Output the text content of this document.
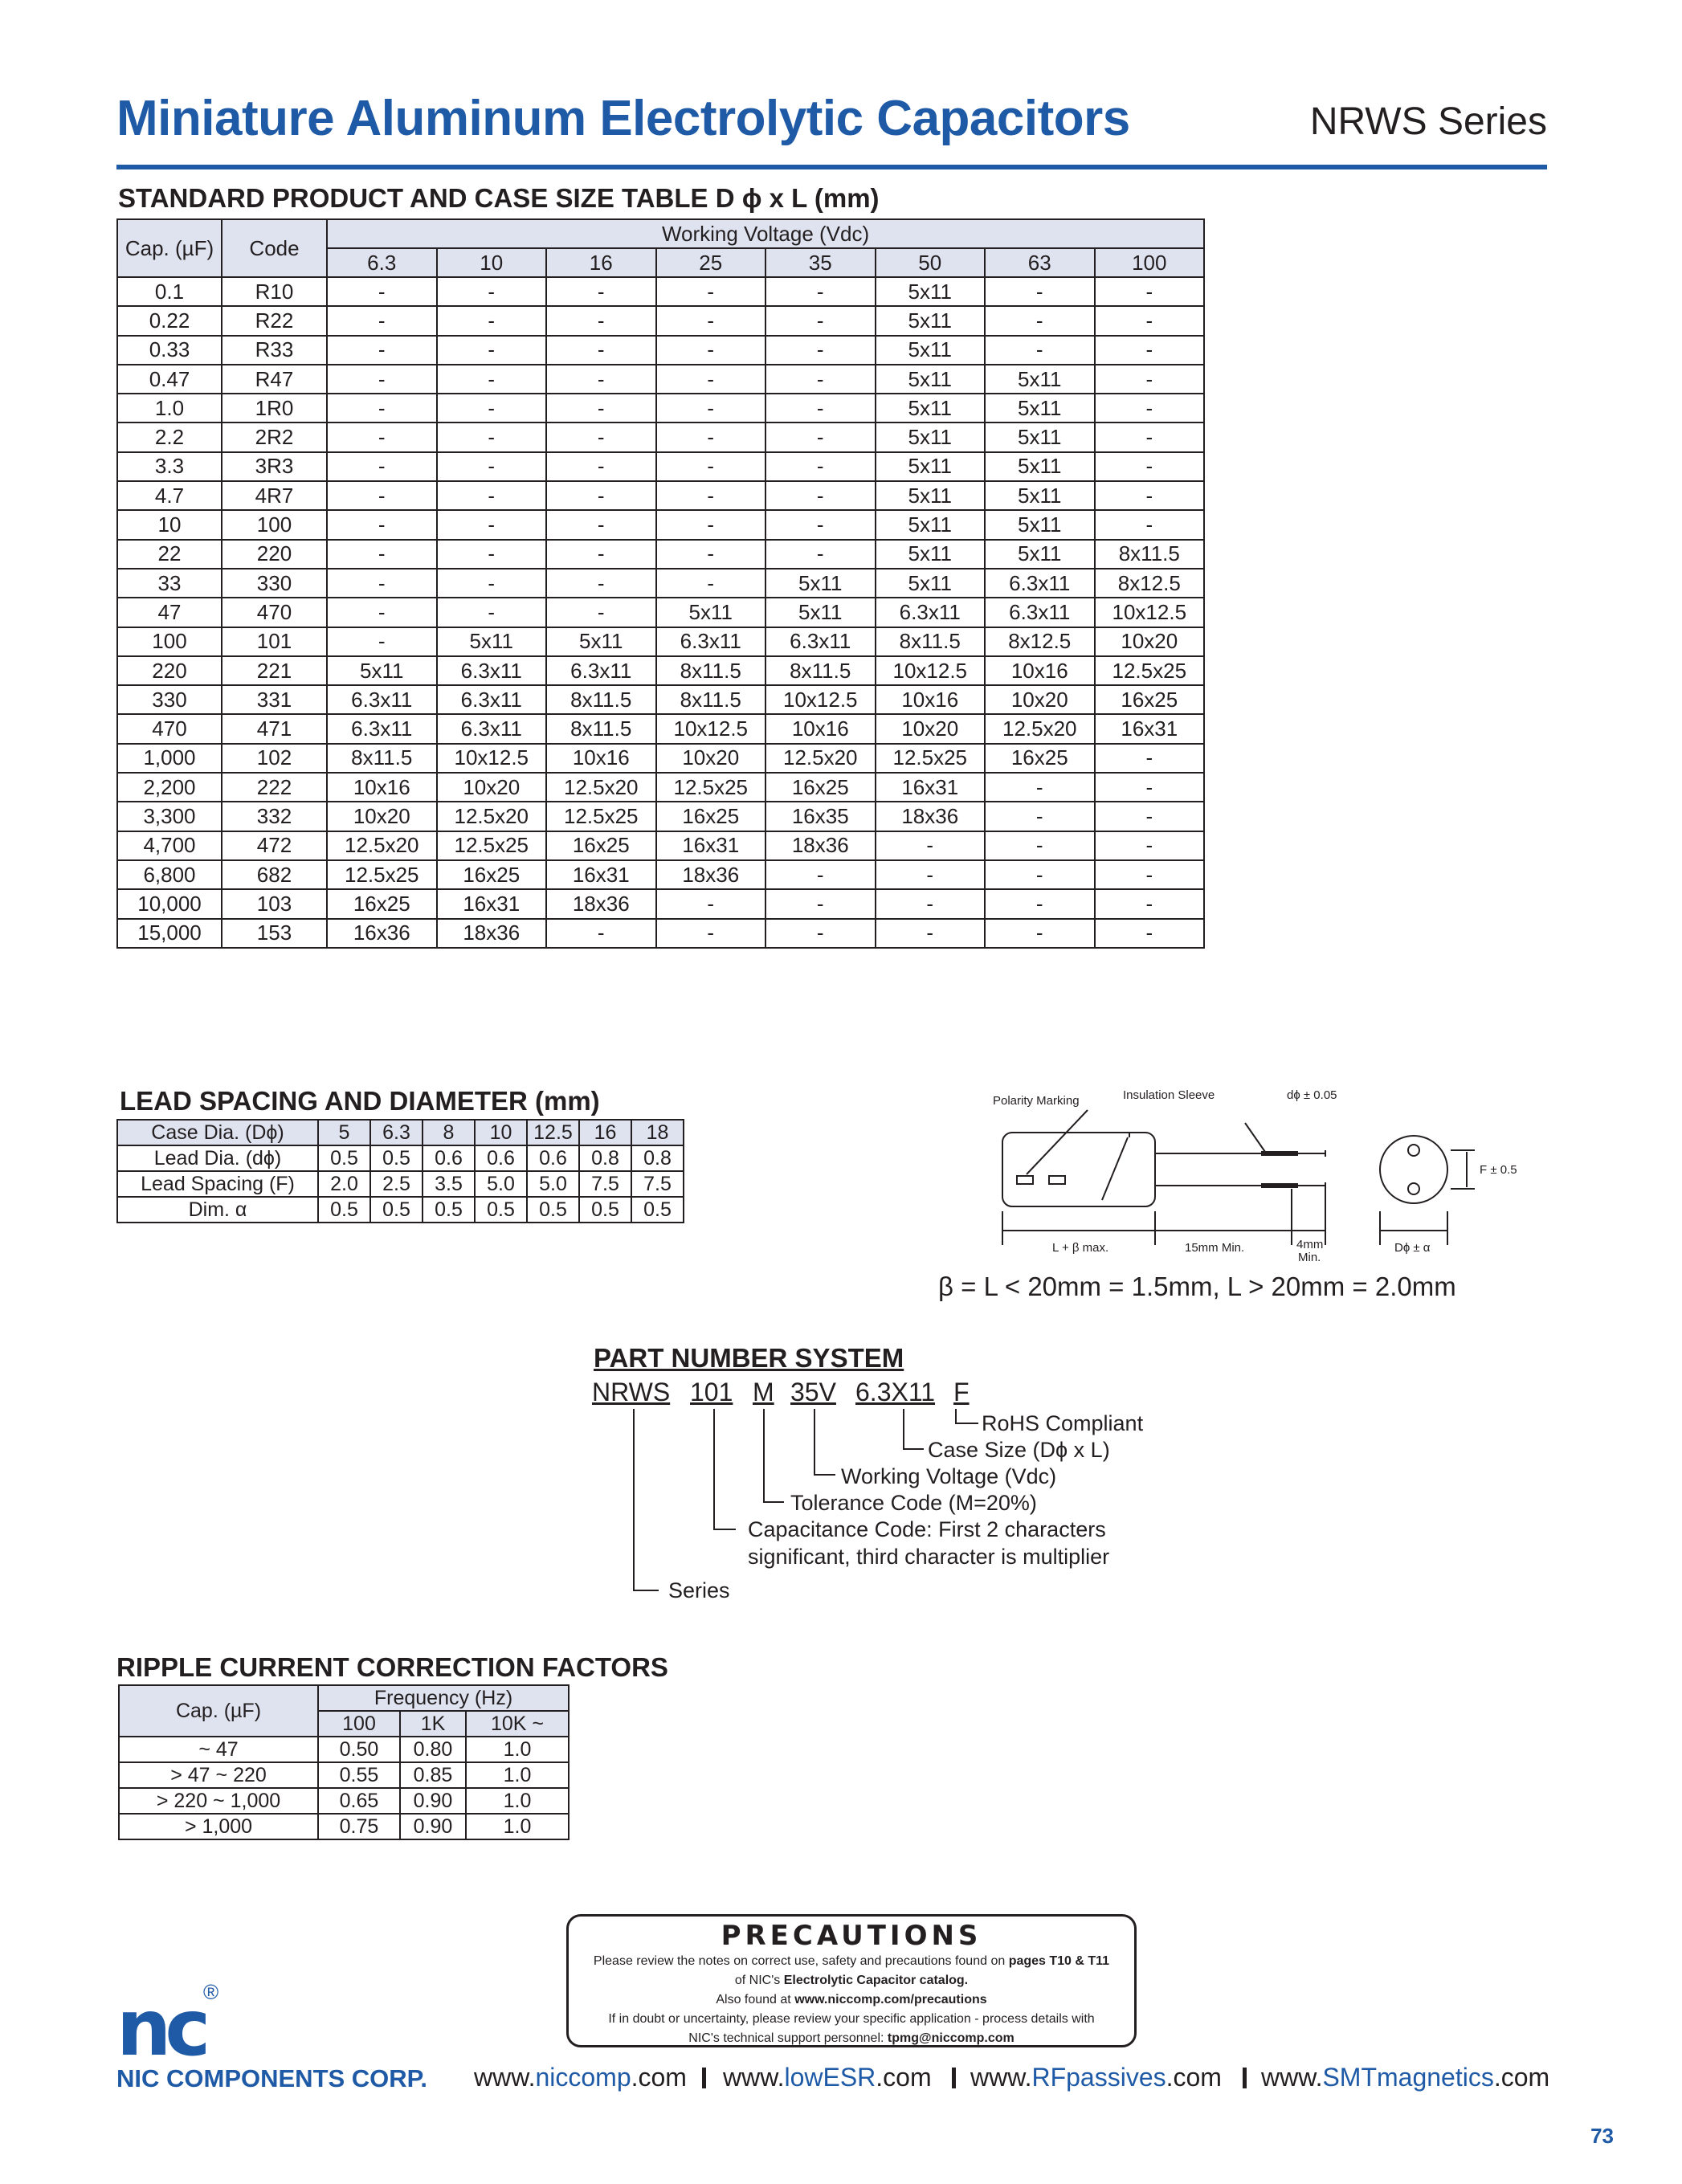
Miniature Aluminum Electrolytic Capacitors	NRWS Series
STANDARD PRODUCT AND CASE SIZE TABLE D ϕ x L (mm)
Cap. (µF)	Code	Working Voltage (Vdc)							
		6.3	10	16	25	35	50	63	100
0.1	R10	-	-	-	-	-	5x11	-	-
0.22	R22	-	-	-	-	-	5x11	-	-
0.33	R33	-	-	-	-	-	5x11	-	-
0.47	R47	-	-	-	-	-	5x11	5x11	-
1.0	1R0	-	-	-	-	-	5x11	5x11	-
2.2	2R2	-	-	-	-	-	5x11	5x11	-
3.3	3R3	-	-	-	-	-	5x11	5x11	-
4.7	4R7	-	-	-	-	-	5x11	5x11	-
10	100	-	-	-	-	-	5x11	5x11	-
22	220	-	-	-	-	-	5x11	5x11	8x11.5
33	330	-	-	-	-	5x11	5x11	6.3x11	8x12.5
47	470	-	-	-	5x11	5x11	6.3x11	6.3x11	10x12.5
100	101	-	5x11	5x11	6.3x11	6.3x11	8x11.5	8x12.5	10x20
220	221	5x11	6.3x11	6.3x11	8x11.5	8x11.5	10x12.5	10x16	12.5x25
330	331	6.3x11	6.3x11	8x11.5	8x11.5	10x12.5	10x16	10x20	16x25
470	471	6.3x11	6.3x11	8x11.5	10x12.5	10x16	10x20	12.5x20	16x31
1,000	102	8x11.5	10x12.5	10x16	10x20	12.5x20	12.5x25	16x25	-
2,200	222	10x16	10x20	12.5x20	12.5x25	16x25	16x31	-	-
3,300	332	10x20	12.5x20	12.5x25	16x25	16x35	18x36	-	-
4,700	472	12.5x20	12.5x25	16x25	16x31	18x36	-	-	-
6,800	682	12.5x25	16x25	16x31	18x36	-	-	-	-
10,000	103	16x25	16x31	18x36	-	-	-	-	-
15,000	153	16x36	18x36	-	-	-	-	-	-
LEAD SPACING AND DIAMETER (mm)
Case Dia. (Dϕ)	5	6.3	8	10	12.5	16	18
Lead Dia. (dϕ)	0.5	0.5	0.6	0.6	0.6	0.8	0.8
Lead Spacing (F)	2.0	2.5	3.5	5.0	5.0	7.5	7.5
Dim. α	0.5	0.5	0.5	0.5	0.5	0.5	0.5
Polarity Marking	Insulation Sleeve	dϕ ± 0.05
F ± 0.5
L + β max.	15mm Min.	4mm
Min.
Dϕ ± α
β = L < 20mm = 1.5mm, L > 20mm = 2.0mm
PART NUMBER SYSTEM
NRWS 101 M 35V 6.3X11 F
RoHS Compliant
Case Size (Dϕ x L)
Working Voltage (Vdc)
Tolerance Code (M=20%)
Capacitance Code: First 2 characters
significant, third character is multiplier
Series
RIPPLE CURRENT CORRECTION FACTORS
Cap. (µF)	Frequency (Hz)		
	100	1K	10K ~
~ 47	0.50	0.80	1.0
> 47 ~ 220	0.55	0.85	1.0
> 220 ~ 1,000	0.65	0.90	1.0
> 1,000	0.75	0.90	1.0
PRECAUTIONS
Please review the notes on correct use, safety and precautions found on pages T10 & T11
of NIC's Electrolytic Capacitor catalog.
Also found at www.niccomp.com/precautions
If in doubt or uncertainty, please review your specific application - process details with
NIC's technical support personnel: tpmg@niccomp.com
nc
®
NIC COMPONENTS CORP. www.niccomp.com www.lowESR.com www.RFpassives.com www.SMTmagnetics.com
73
